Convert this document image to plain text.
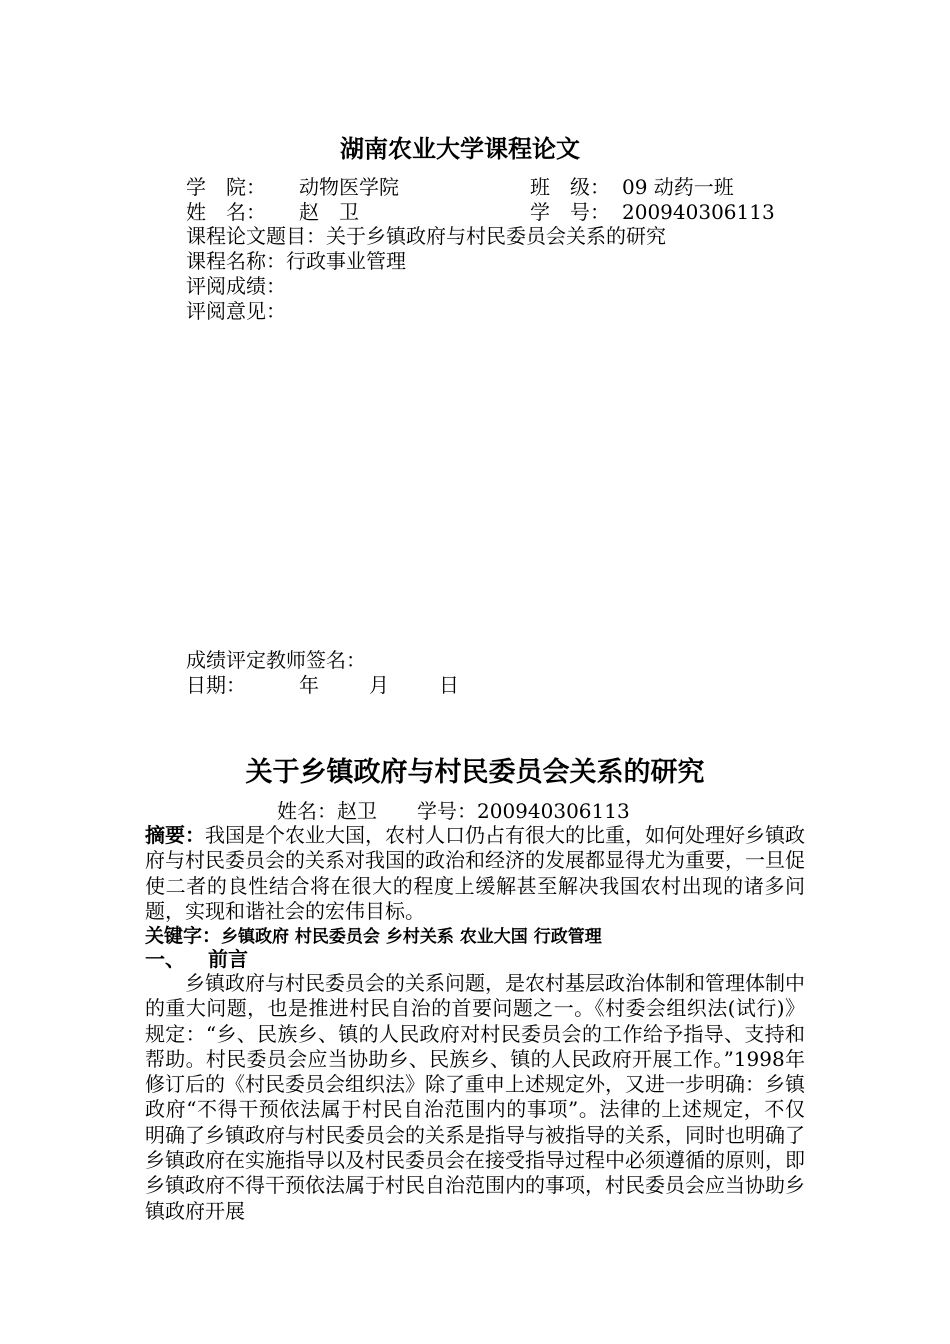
湖南农业大学课程论文
学　院： 动物医学院	班　级： 09 动药一班
姓　名： 赵　卫	学　号： 200940306113
课程论文题目：关于乡镇政府与村民委员会关系的研究
课程名称：行政事业管理
评阅成绩：
评阅意见：
成绩评定教师签名：
日期：	年	月	日
关于乡镇政府与村民委员会关系的研究
姓名：赵卫　　学号：200940306113
摘要：我国是个农业大国，农村人口仍占有很大的比重，如何处理好乡镇政府与村民委员会的关系对我国的政治和经济的发展都显得尤为重要，一旦促使二者的良性结合将在很大的程度上缓解甚至解决我国农村出现的诸多问题，实现和谐社会的宏伟目标。
关键字：乡镇政府 村民委员会 乡村关系 农业大国 行政管理
一、 前言
乡镇政府与村民委员会的关系问题，是农村基层政治体制和管理体制中的重大问题，也是推进村民自治的首要问题之一。《村委会组织法(试行)》规定：“乡、民族乡、镇的人民政府对村民委员会的工作给予指导、支持和帮助。村民委员会应当协助乡、民族乡、镇的人民政府开展工作。”1998年修订后的《村民委员会组织法》除了重申上述规定外，又进一步明确：乡镇政府“不得干预依法属于村民自治范围内的事项”。法律的上述规定，不仅明确了乡镇政府与村民委员会的关系是指导与被指导的关系，同时也明确了乡镇政府在实施指导以及村民委员会在接受指导过程中必须遵循的原则，即乡镇政府不得干预依法属于村民自治范围内的事项，村民委员会应当协助乡镇政府开展
